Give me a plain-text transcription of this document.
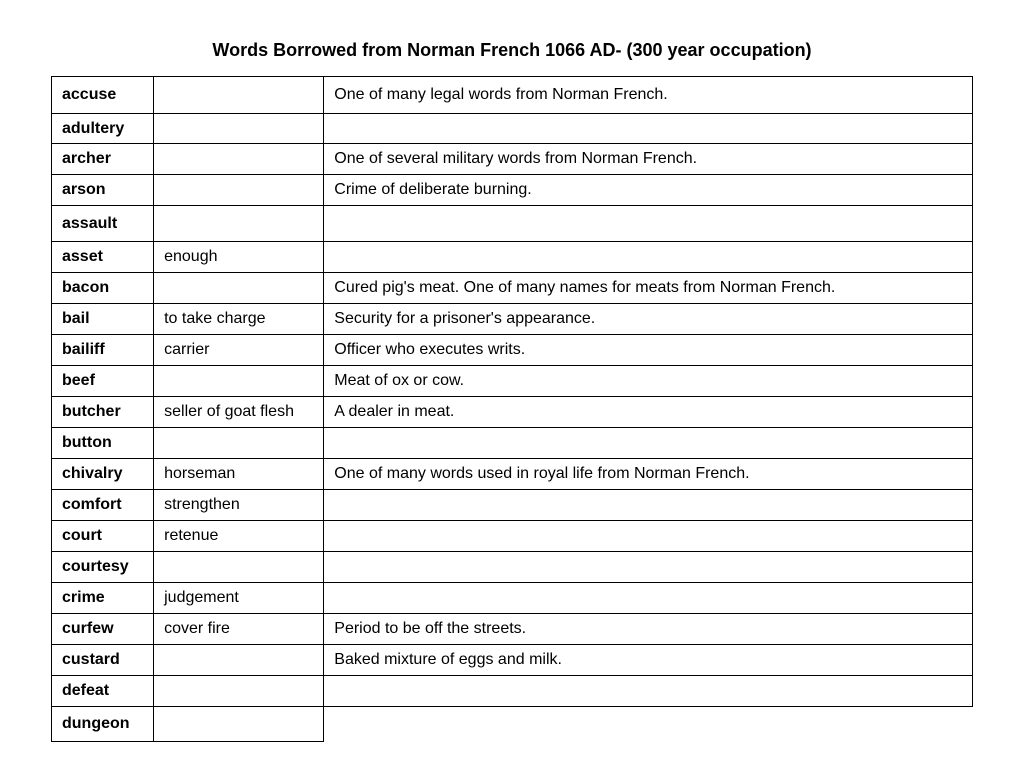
Words Borrowed from Norman French 1066 AD- (300 year occupation)
accuse		One of many legal words from Norman French.
adultery		
archer		One of several military words from Norman French.
arson		Crime of deliberate burning.
assault		
asset	enough	
bacon		Cured pig's meat. One of many names for meats from Norman French.
bail	to take charge	Security for a prisoner's appearance.
bailiff	carrier	Officer who executes writs.
beef		Meat of ox or cow.
butcher	seller of goat flesh	A dealer in meat.
button		
chivalry	horseman	One of many words used in royal life from Norman French.
comfort	strengthen	
court	retenue	
courtesy		
crime	judgement	
curfew	cover fire	Period to be off the streets.
custard		Baked mixture of eggs and milk.
defeat		
dungeon		
